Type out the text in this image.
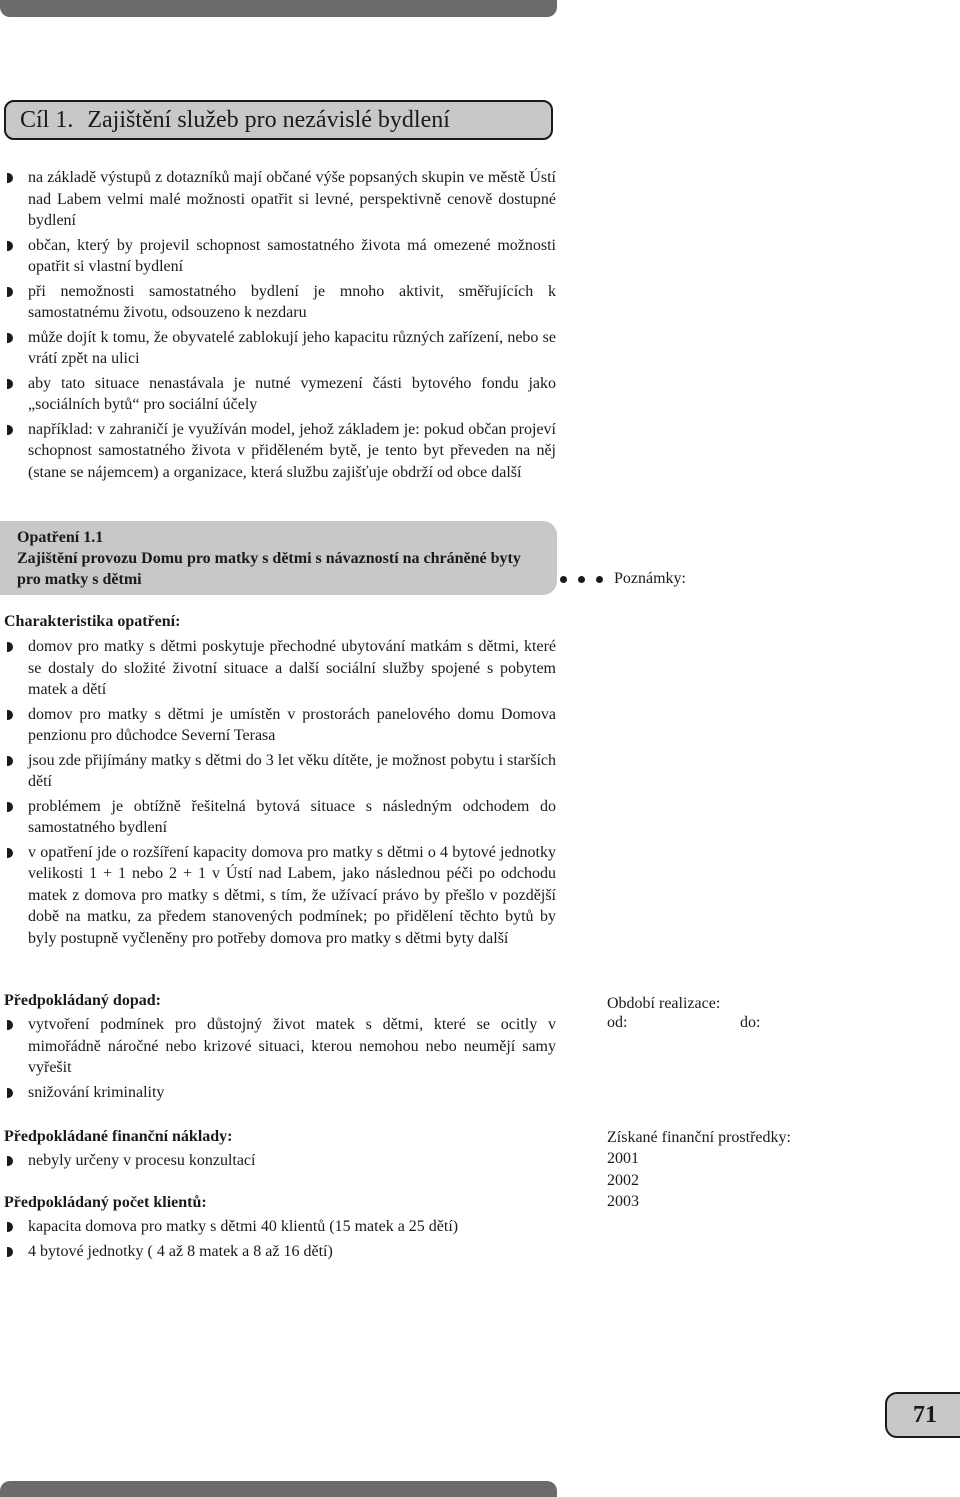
Cíl 1. Zajištění služeb pro nezávislé bydlení
na základě výstupů z dotazníků mají občané výše popsaných skupin ve městě Ústí nad Labem velmi malé možnosti opatřit si levné, perspektivně cenově dostupné bydlení
občan, který by projevil schopnost samostatného života má omezené možnosti opatřit si vlastní bydlení
při nemožnosti samostatného bydlení je mnoho aktivit, směřujících k samostatnému životu, odsouzeno k nezdaru
může dojít k tomu, že obyvatelé zablokují jeho kapacitu různých zařízení, nebo se vrátí zpět na ulici
aby tato situace nenastávala je nutné vymezení části bytového fondu jako „sociálních bytů“ pro sociální účely
například: v zahraničí je využíván model, jehož základem je: pokud občan projeví schopnost samostatného života v přiděleném bytě, je tento byt převeden na něj (stane se nájemcem) a organizace, která službu zajišťuje obdrží od obce další
Opatření 1.1
Zajištění provozu Domu pro matky s dětmi s návazností na chráněné byty pro matky s dětmi	Poznámky:
Charakteristika opatření:
domov pro matky s dětmi poskytuje přechodné ubytování matkám s dětmi, které se dostaly do složité životní situace a další sociální služby spojené s pobytem matek a dětí
domov pro matky s dětmi je umístěn v prostorách panelového domu Domova penzionu pro důchodce Severní Terasa
jsou zde přijímány matky s dětmi do 3 let věku dítěte, je možnost pobytu i starších dětí
problémem je obtížně řešitelná bytová situace s následným odchodem do samostatného bydlení
v opatření jde o rozšíření kapacity domova pro matky s dětmi o 4 bytové jednotky velikosti 1 + 1 nebo 2 + 1 v Ústí nad Labem, jako následnou péči po odchodu matek z domova pro matky s dětmi, s tím, že užívací právo by přešlo v pozdější době na matku, za předem stanovených podmínek; po přidělení těchto bytů by byly postupně vyčleněny pro potřeby domova pro matky s dětmi byty další
Předpokládaný dopad:
vytvoření podmínek pro důstojný život matek s dětmi, které se ocitly v mimořádně náročné nebo krizové situaci, kterou nemohou nebo neumějí samy vyřešit
snižování kriminality
Období realizace:
od:	do:
Předpokládané finanční náklady:
nebyly určeny v procesu konzultací
Získané finanční prostředky:
2001
2002
2003
Předpokládaný počet klientů:
kapacita domova pro matky s dětmi 40 klientů (15 matek a 25 dětí)
4 bytové jednotky ( 4 až 8 matek a 8 až 16 dětí)
71
